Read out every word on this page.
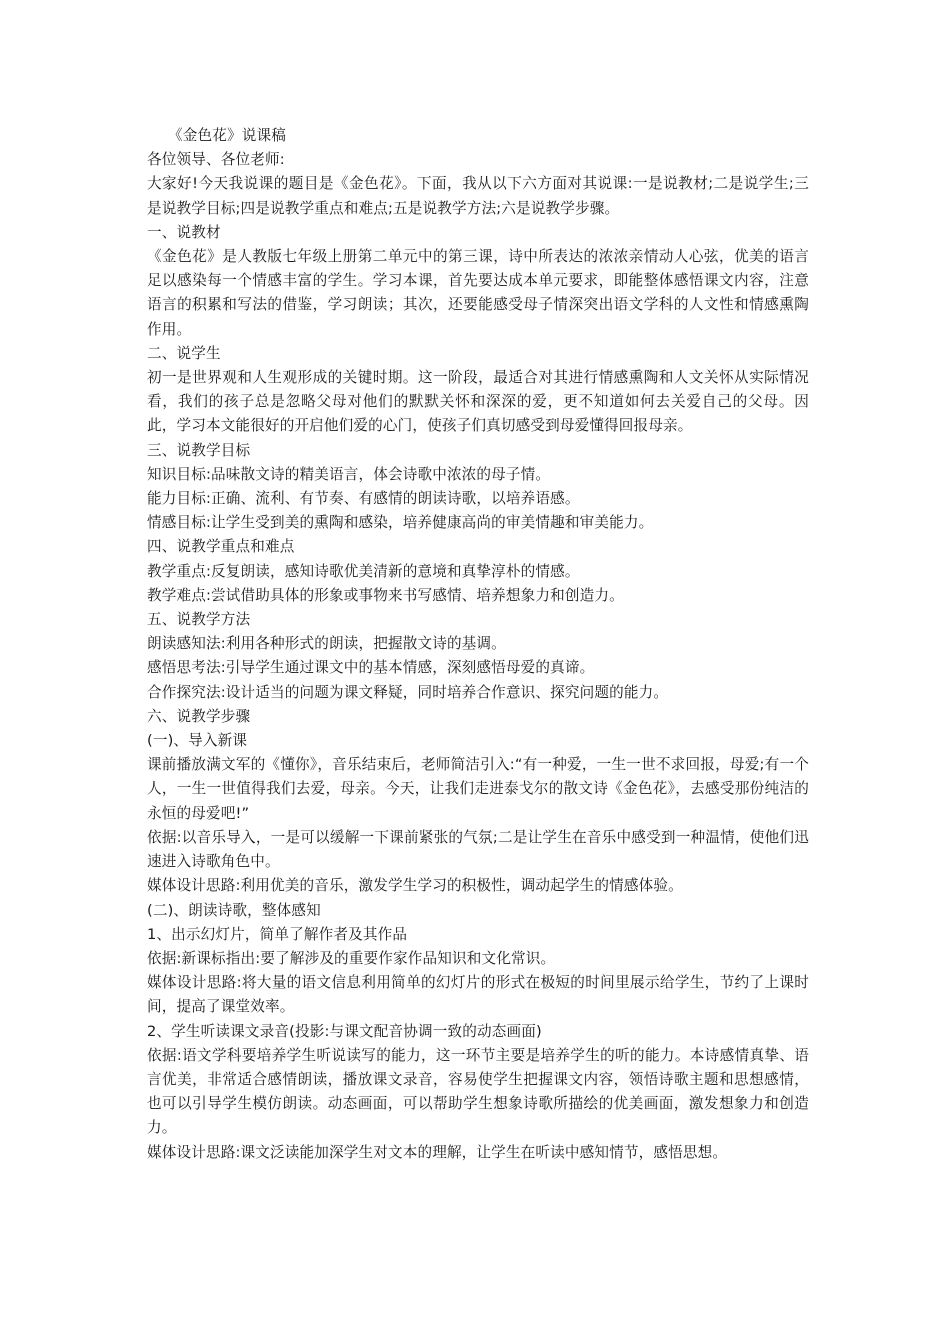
《金色花》说课稿

各位领导、各位老师:

大家好!今天我说课的题目是《金色花》。下面，我从以下六方面对其说课:一是说教材;二是说学生;三是说教学目标;四是说教学重点和难点;五是说教学方法;六是说教学步骤。

一、说教材

《金色花》是人教版七年级上册第二单元中的第三课，诗中所表达的浓浓亲情动人心弦，优美的语言足以感染每一个情感丰富的学生。学习本课，首先要达成本单元要求，即能整体感悟课文内容，注意语言的积累和写法的借鉴，学习朗读；其次，还要能感受母子情深突出语文学科的人文性和情感熏陶作用。

二、说学生

初一是世界观和人生观形成的关键时期。这一阶段，最适合对其进行情感熏陶和人文关怀从实际情况看，我们的孩子总是忽略父母对他们的默默关怀和深深的爱，更不知道如何去关爱自己的父母。因此，学习本文能很好的开启他们爱的心门，使孩子们真切感受到母爱懂得回报母亲。

三、说教学目标

知识目标:品味散文诗的精美语言，体会诗歌中浓浓的母子情。

能力目标:正确、流利、有节奏、有感情的朗读诗歌，以培养语感。

情感目标:让学生受到美的熏陶和感染，培养健康高尚的审美情趣和审美能力。

四、说教学重点和难点

教学重点:反复朗读，感知诗歌优美清新的意境和真挚淳朴的情感。

教学难点:尝试借助具体的形象或事物来书写感情、培养想象力和创造力。

五、说教学方法

朗读感知法:利用各种形式的朗读，把握散文诗的基调。

感悟思考法:引导学生通过课文中的基本情感，深刻感悟母爱的真谛。

合作探究法:设计适当的问题为课文释疑，同时培养合作意识、探究问题的能力。

六、说教学步骤

(一)、导入新课

课前播放满文军的《懂你》，音乐结束后，老师简洁引入:“有一种爱，一生一世不求回报，母爱;有一个人，一生一世值得我们去爱，母亲。今天，让我们走进泰戈尔的散文诗《金色花》，去感受那份纯洁的永恒的母爱吧!”

依据:以音乐导入，一是可以缓解一下课前紧张的气氛;二是让学生在音乐中感受到一种温情，使他们迅速进入诗歌角色中。

媒体设计思路:利用优美的音乐，激发学生学习的积极性，调动起学生的情感体验。

(二)、朗读诗歌，整体感知

1、出示幻灯片，简单了解作者及其作品

依据:新课标指出:要了解涉及的重要作家作品知识和文化常识。

媒体设计思路:将大量的语文信息利用简单的幻灯片的形式在极短的时间里展示给学生，节约了上课时间，提高了课堂效率。

2、学生听读课文录音(投影:与课文配音协调一致的动态画面)

依据:语文学科要培养学生听说读写的能力，这一环节主要是培养学生的听的能力。本诗感情真挚、语言优美，非常适合感情朗读，播放课文录音，容易使学生把握课文内容，领悟诗歌主题和思想感情，也可以引导学生模仿朗读。动态画面，可以帮助学生想象诗歌所描绘的优美画面，激发想象力和创造力。

媒体设计思路:课文泛读能加深学生对文本的理解，让学生在听读中感知情节，感悟思想。
